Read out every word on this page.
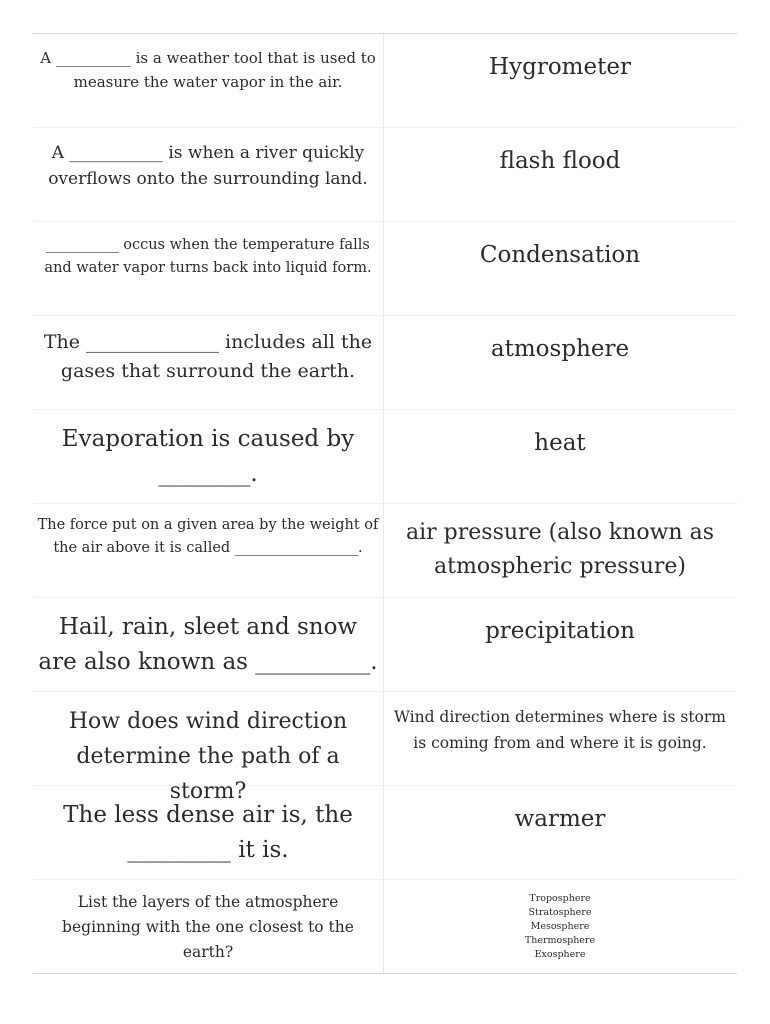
A __________ is a weather tool that is used to measure the water vapor in the air.
Hygrometer
A ___________ is when a river quickly overflows onto the surrounding land.
flash flood
__________ occus when the temperature falls and water vapor turns back into liquid form.	Condensation
The ______________ includes all the gases that surround the earth.
atmosphere
Evaporation is caused by ________.
heat
The force put on a given area by the weight of the air above it is called _________________.
air pressure (also known as atmospheric pressure)
Hail, rain, sleet and snow are also known as __________.
precipitation
How does wind direction determine the path of a storm?
Wind direction determines where is storm is coming from and where it is going.
The less dense air is, the _________ it is.
warmer
List the layers of the atmosphere beginning with the one closest to the earth?
Troposphere
Stratosphere
Mesosphere
Thermosphere
Exosphere
